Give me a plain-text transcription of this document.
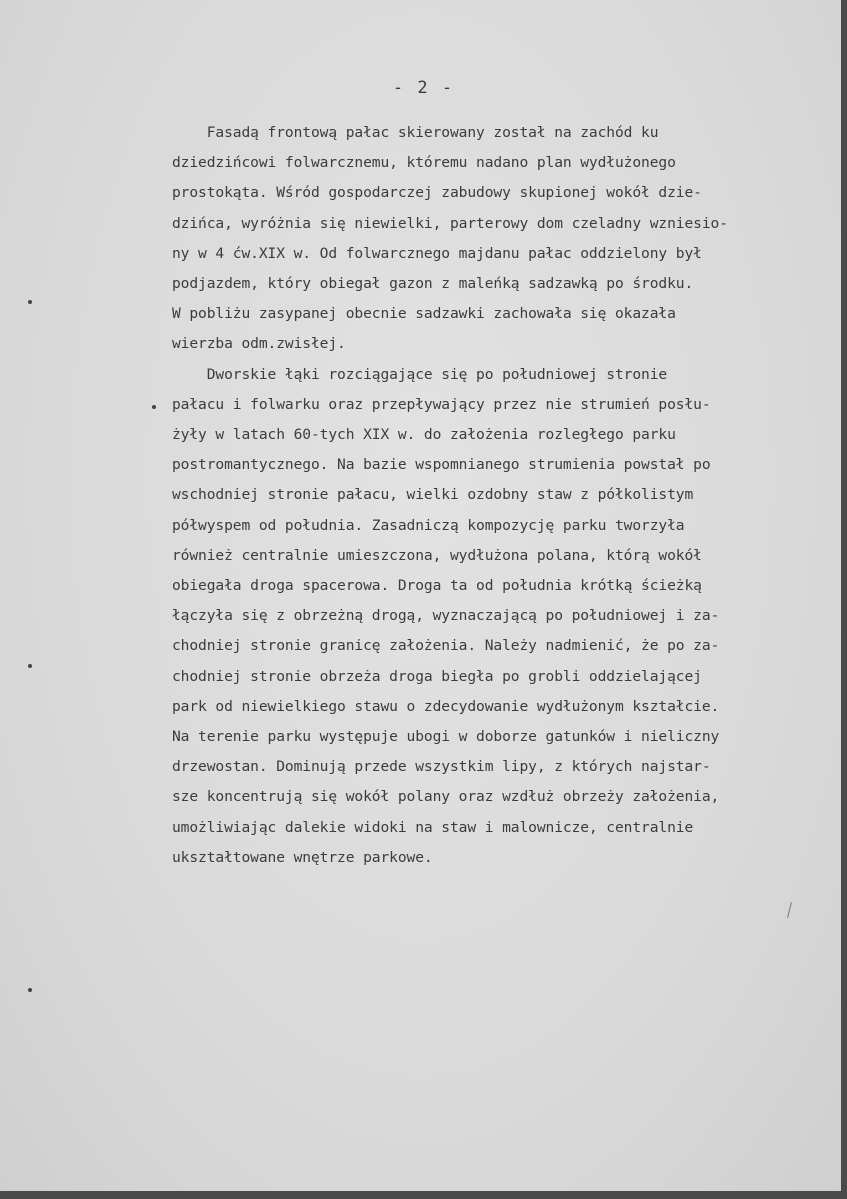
- 2 -
Fasadą frontową pałac skierowany został na zachód ku
dziedzińcowi folwarcznemu, któremu nadano plan wydłużonego
prostokąta. Wśród gospodarczej zabudowy skupionej wokół dzie-
dzińca, wyróżnia się niewielki, parterowy dom czeladny wzniesio-
ny w 4 ćw.XIX w. Od folwarcznego majdanu pałac oddzielony był
podjazdem, który obiegał gazon z maleńką sadzawką po środku.
W pobliżu zasypanej obecnie sadzawki zachowała się okazała
wierzba odm.zwisłej.
Dworskie łąki rozciągające się po południowej stronie
pałacu i folwarku oraz przepływający przez nie strumień posłu-
żyły w latach 60-tych XIX w. do założenia rozległego parku
postromantycznego. Na bazie wspomnianego strumienia powstał po
wschodniej stronie pałacu, wielki ozdobny staw z półkolistym
półwyspem od południa. Zasadniczą kompozycję parku tworzyła
również centralnie umieszczona, wydłużona polana, którą wokół
obiegała droga spacerowa. Droga ta od południa krótką ścieżką
łączyła się z obrzeżną drogą, wyznaczającą po południowej i za-
chodniej stronie granicę założenia. Należy nadmienić, że po za-
chodniej stronie obrzeża droga biegła po grobli oddzielającej
park od niewielkiego stawu o zdecydowanie wydłużonym kształcie.
Na terenie parku występuje ubogi w doborze gatunków i nieliczny
drzewostan. Dominują przede wszystkim lipy, z których najstar-
sze koncentrują się wokół polany oraz wzdłuż obrzeży założenia,
umożliwiając dalekie widoki na staw i malownicze, centralnie
ukształtowane wnętrze parkowe.
